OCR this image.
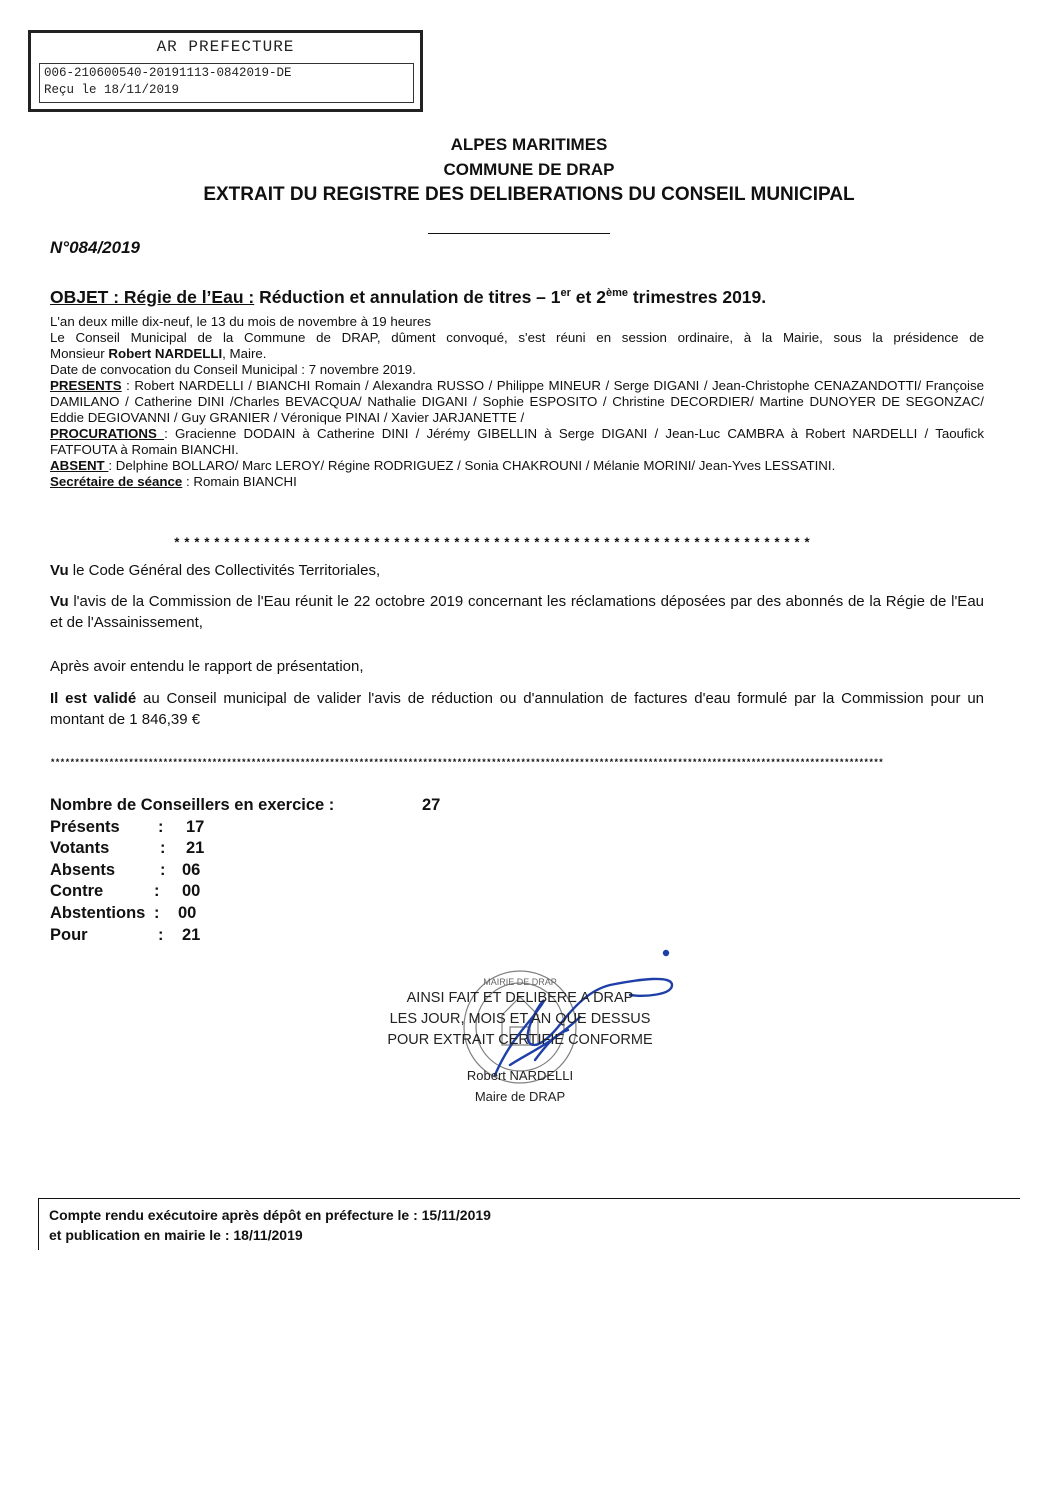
AR PREFECTURE
006-210600540-20191113-0842019-DE
Reçu le 18/11/2019
ALPES MARITIMES
COMMUNE DE DRAP
EXTRAIT DU REGISTRE DES DELIBERATIONS DU CONSEIL MUNICIPAL
N°084/2019
OBJET : Régie de l’Eau : Réduction et annulation de titres – 1er et 2ème trimestres 2019.

L'an deux mille dix-neuf, le 13 du mois de novembre à 19 heures

Le Conseil Municipal de la Commune de DRAP, dûment convoqué, s'est réuni en session ordinaire, à la Mairie, sous la présidence de

Monsieur Robert NARDELLI, Maire.

Date de convocation du Conseil Municipal : 7 novembre 2019.

PRESENTS : Robert NARDELLI / BIANCHI Romain / Alexandra RUSSO / Philippe MINEUR / Serge DIGANI / Jean-Christophe CENAZANDOTTI/ Françoise DAMILANO / Catherine DINI /Charles BEVACQUA/ Nathalie DIGANI / Sophie ESPOSITO / Christine DECORDIER/ Martine DUNOYER DE SEGONZAC/ Eddie DEGIOVANNI / Guy GRANIER / Véronique PINAI / Xavier JARJANETTE /

PROCURATIONS : Gracienne DODAIN à Catherine DINI / Jérémy GIBELLIN à Serge DIGANI / Jean-Luc CAMBRA à Robert NARDELLI / Taoufick FATFOUTA à Romain BIANCHI.

ABSENT : Delphine BOLLARO/ Marc LEROY/ Régine RODRIGUEZ / Sonia CHAKROUNI / Mélanie MORINI/ Jean-Yves LESSATINI.

Secrétaire de séance : Romain BIANCHI

****************************************************************

Vu le Code Général des Collectivités Territoriales,

Vu l'avis de la Commission de l'Eau réunit le 22 octobre 2019 concernant les réclamations déposées par des abonnés de la Régie de l'Eau et de l'Assainissement,

Après avoir entendu le rapport de présentation,

Il est validé au Conseil municipal de valider l'avis de réduction ou d'annulation de factures d'eau formulé par la Commission pour un montant de 1 846,39 €

**************************************************************************************************************************************************************************
Nombre de Conseillers en exercice :	27
Présents : 17
Votants	: 21
Absents	: 06
Contre	: 00
Abstentions : 00
Pour	: 21
MAIRIE DE DRAP
AINSI FAIT ET DELIBERE A DRAP
LES JOUR, MOIS ET AN QUE DESSUS
POUR EXTRAIT CERTIFIE CONFORME
Robert NARDELLI
Maire de DRAP
Compte rendu exécutoire après dépôt en préfecture le : 15/11/2019
et publication en mairie le : 18/11/2019
